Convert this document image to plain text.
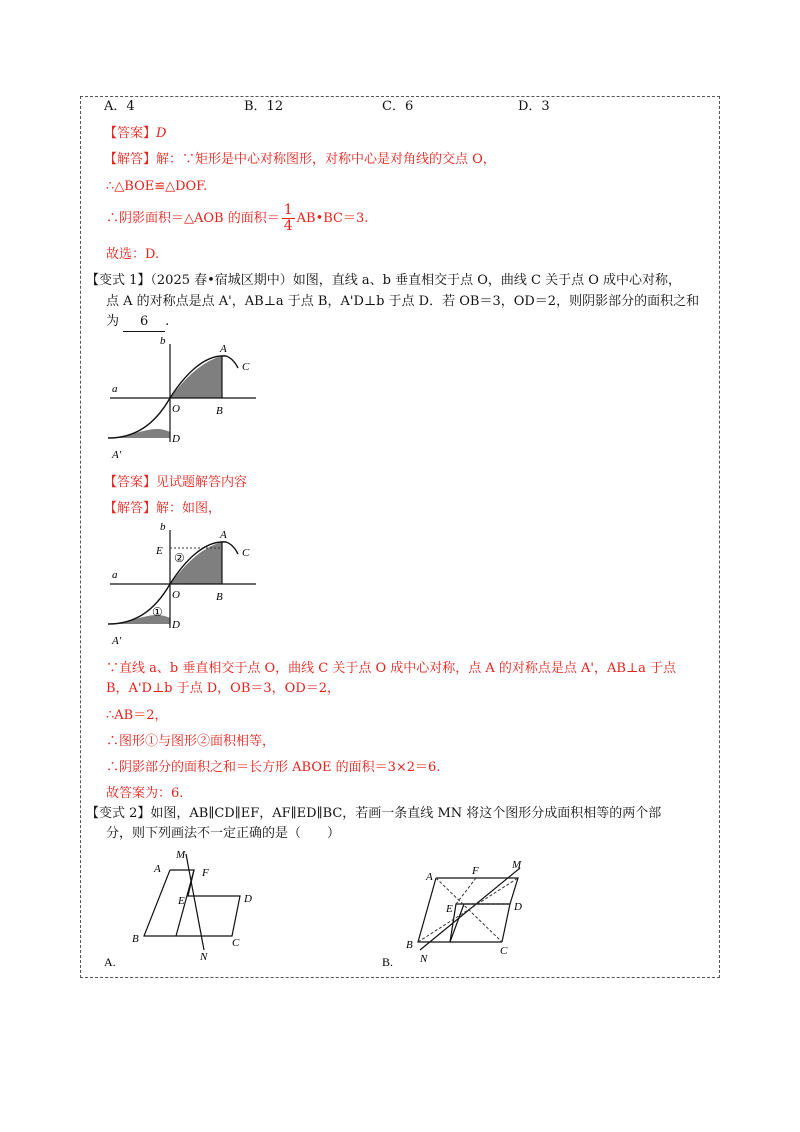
A．4	B．12	C．6	D．3
【答案】D
【解答】解：∵矩形是中心对称图形，对称中心是对角线的交点 O，
∴△BOE≌△DOF.
∴阴影面积＝△AOB 的面积＝ $\frac{1}{4}$ AB•BC＝3.
故选：D.
【变式 1】（2025 春•宿城区期中）如图，直线 a、b 垂直相交于点 O，曲线 C 关于点 O 成中心对称，
点 A 的对称点是点 A'，AB⊥a 于点 B，A'D⊥b 于点 D．若 OB＝3，OD＝2，则阴影部分的面积之和
为 6 .
b
a
A
C
O	B
D
A'
【答案】见试题解答内容
【解答】解：如图，
b
E ②
a
A
C
O
①
B
D
A'
∵直线 a、b 垂直相交于点 O，曲线 C 关于点 O 成中心对称，点 A 的对称点是点 A'，AB⊥a 于点
B，A'D⊥b 于点 D，OB＝3，OD＝2，
∴AB＝2，
∴图形①与图形②面积相等，
∴阴影部分的面积之和＝长方形 ABOE 的面积＝3×2＝6.
故答案为：6.
【变式 2】如图，AB∥CD∥EF，AF∥ED∥BC，若画一条直线 MN 将这个图形分成面积相等的两个部
分，则下列画法不一定正确的是（　　）
M
A	F
E	D
B	C
N
A.
A	F	M
E	D
B
N
C
B.
